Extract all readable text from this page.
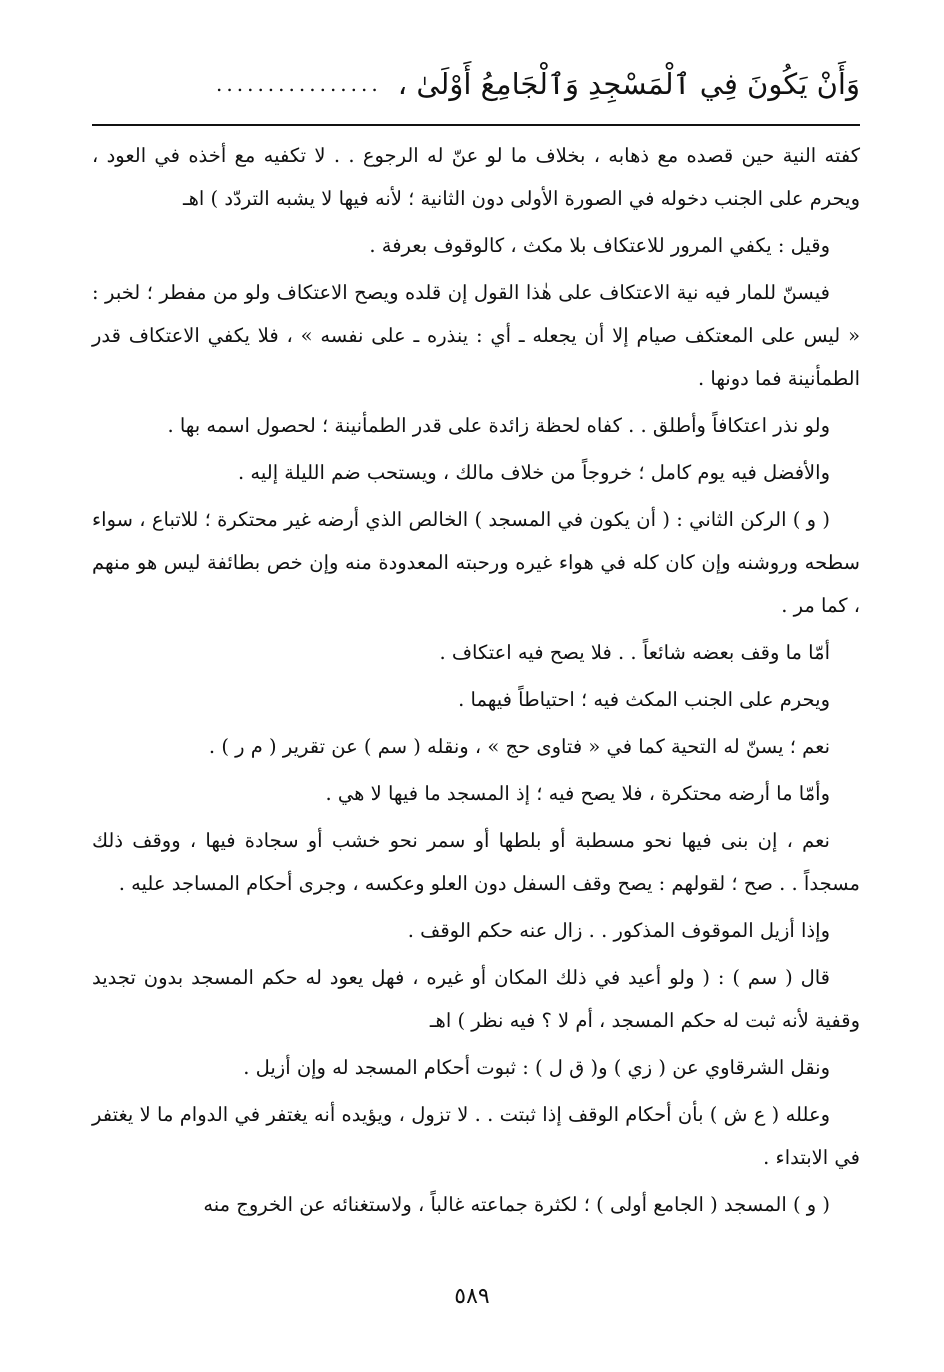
وَأَنْ يَكُونَ فِي ٱلْمَسْجِدِ وَٱلْجَامِعُ أَوْلَىٰ ،
................

كفته النية حين قصده مع ذهابه ، بخلاف ما لو عنّ له الرجوع . . لا تكفيه مع أخذه في العود ، ويحرم على الجنب دخوله في الصورة الأولى دون الثانية ؛ لأنه فيها لا يشبه التردّد ) اهـ

وقيل : يكفي المرور للاعتكاف بلا مكث ، كالوقوف بعرفة .

فيسنّ للمار فيه نية الاعتكاف على هٰذا القول إن قلده ويصح الاعتكاف ولو من مفطر ؛ لخبر : « ليس على المعتكف صيام إلا أن يجعله ـ أي : ينذره ـ على نفسه » ، فلا يكفي الاعتكاف قدر الطمأنينة فما دونها .

ولو نذر اعتكافاً وأطلق . . كفاه لحظة زائدة على قدر الطمأنينة ؛ لحصول اسمه بها .

والأفضل فيه يوم كامل ؛ خروجاً من خلاف مالك ، ويستحب ضم الليلة إليه .

( و ) الركن الثاني : ( أن يكون في المسجد ) الخالص الذي أرضه غير محتكرة ؛ للاتباع ، سواء سطحه وروشنه وإن كان كله في هواء غيره ورحبته المعدودة منه وإن خص بطائفة ليس هو منهم ، كما مر .

أمّا ما وقف بعضه شائعاً . . فلا يصح فيه اعتكاف .

ويحرم على الجنب المكث فيه ؛ احتياطاً فيهما .

نعم ؛ يسنّ له التحية كما في « فتاوى حج » ، ونقله ( سم ) عن تقرير ( م ر ) .

وأمّا ما أرضه محتكرة ، فلا يصح فيه ؛ إذ المسجد ما فيها لا هي .

نعم ، إن بنى فيها نحو مسطبة أو بلطها أو سمر نحو خشب أو سجادة فيها ، ووقف ذلك مسجداً . . صح ؛ لقولهم : يصح وقف السفل دون العلو وعكسه ، وجرى أحكام المساجد عليه .

وإذا أزيل الموقوف المذكور . . زال عنه حكم الوقف .

قال ( سم ) : ( ولو أعيد في ذلك المكان أو غيره ، فهل يعود له حكم المسجد بدون تجديد وقفية لأنه ثبت له حكم المسجد ، أم لا ؟ فيه نظر ) اهـ

ونقل الشرقاوي عن ( زي ) و( ق ل ) : ثبوت أحكام المسجد له وإن أزيل .

وعلله ( ع ش ) بأن أحكام الوقف إذا ثبتت . . لا تزول ، ويؤيده أنه يغتفر في الدوام ما لا يغتفر في الابتداء .

( و ) المسجد ( الجامع أولى ) ؛ لكثرة جماعته غالباً ، ولاستغنائه عن الخروج منه

٥٨٩
